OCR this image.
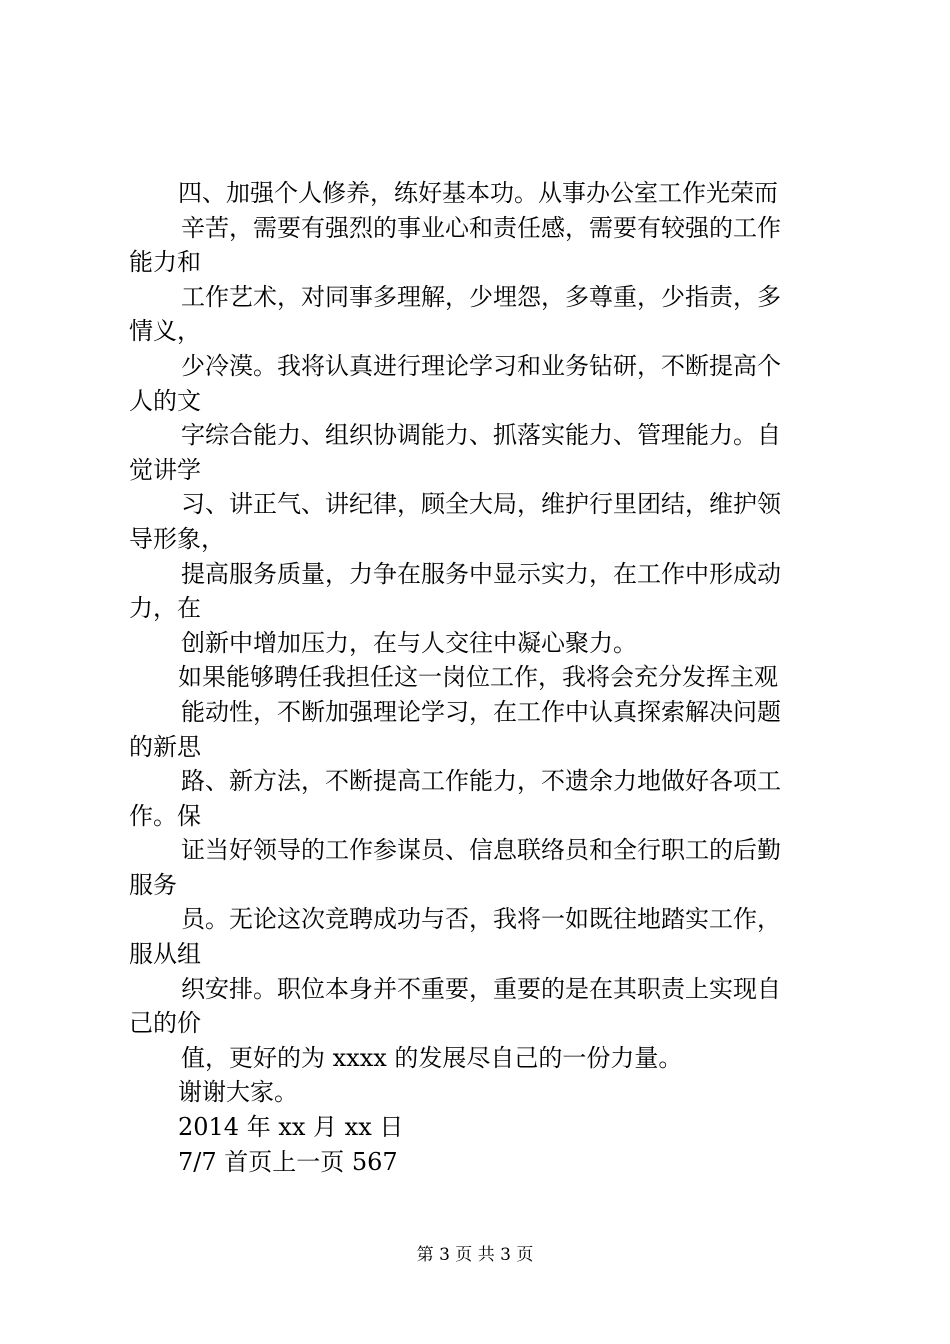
四、加强个人修养，练好基本功。从事办公室工作光荣而
辛苦，需要有强烈的事业心和责任感，需要有较强的工作
能力和
工作艺术，对同事多理解，少埋怨，多尊重，少指责，多
情义，
少冷漠。我将认真进行理论学习和业务钻研，不断提高个
人的文
字综合能力、组织协调能力、抓落实能力、管理能力。自
觉讲学
习、讲正气、讲纪律，顾全大局，维护行里团结，维护领
导形象，
提高服务质量，力争在服务中显示实力，在工作中形成动
力，在
创新中增加压力，在与人交往中凝心聚力。
如果能够聘任我担任这一岗位工作，我将会充分发挥主观
能动性，不断加强理论学习，在工作中认真探索解决问题
的新思
路、新方法，不断提高工作能力，不遗余力地做好各项工
作。保
证当好领导的工作参谋员、信息联络员和全行职工的后勤
服务
员。无论这次竞聘成功与否，我将一如既往地踏实工作，
服从组
织安排。职位本身并不重要，重要的是在其职责上实现自
己的价
值，更好的为 xxxx 的发展尽自己的一份力量。
谢谢大家。
2014 年 xx 月 xx 日
7/7 首页上一页 567
第 3 页 共 3 页
